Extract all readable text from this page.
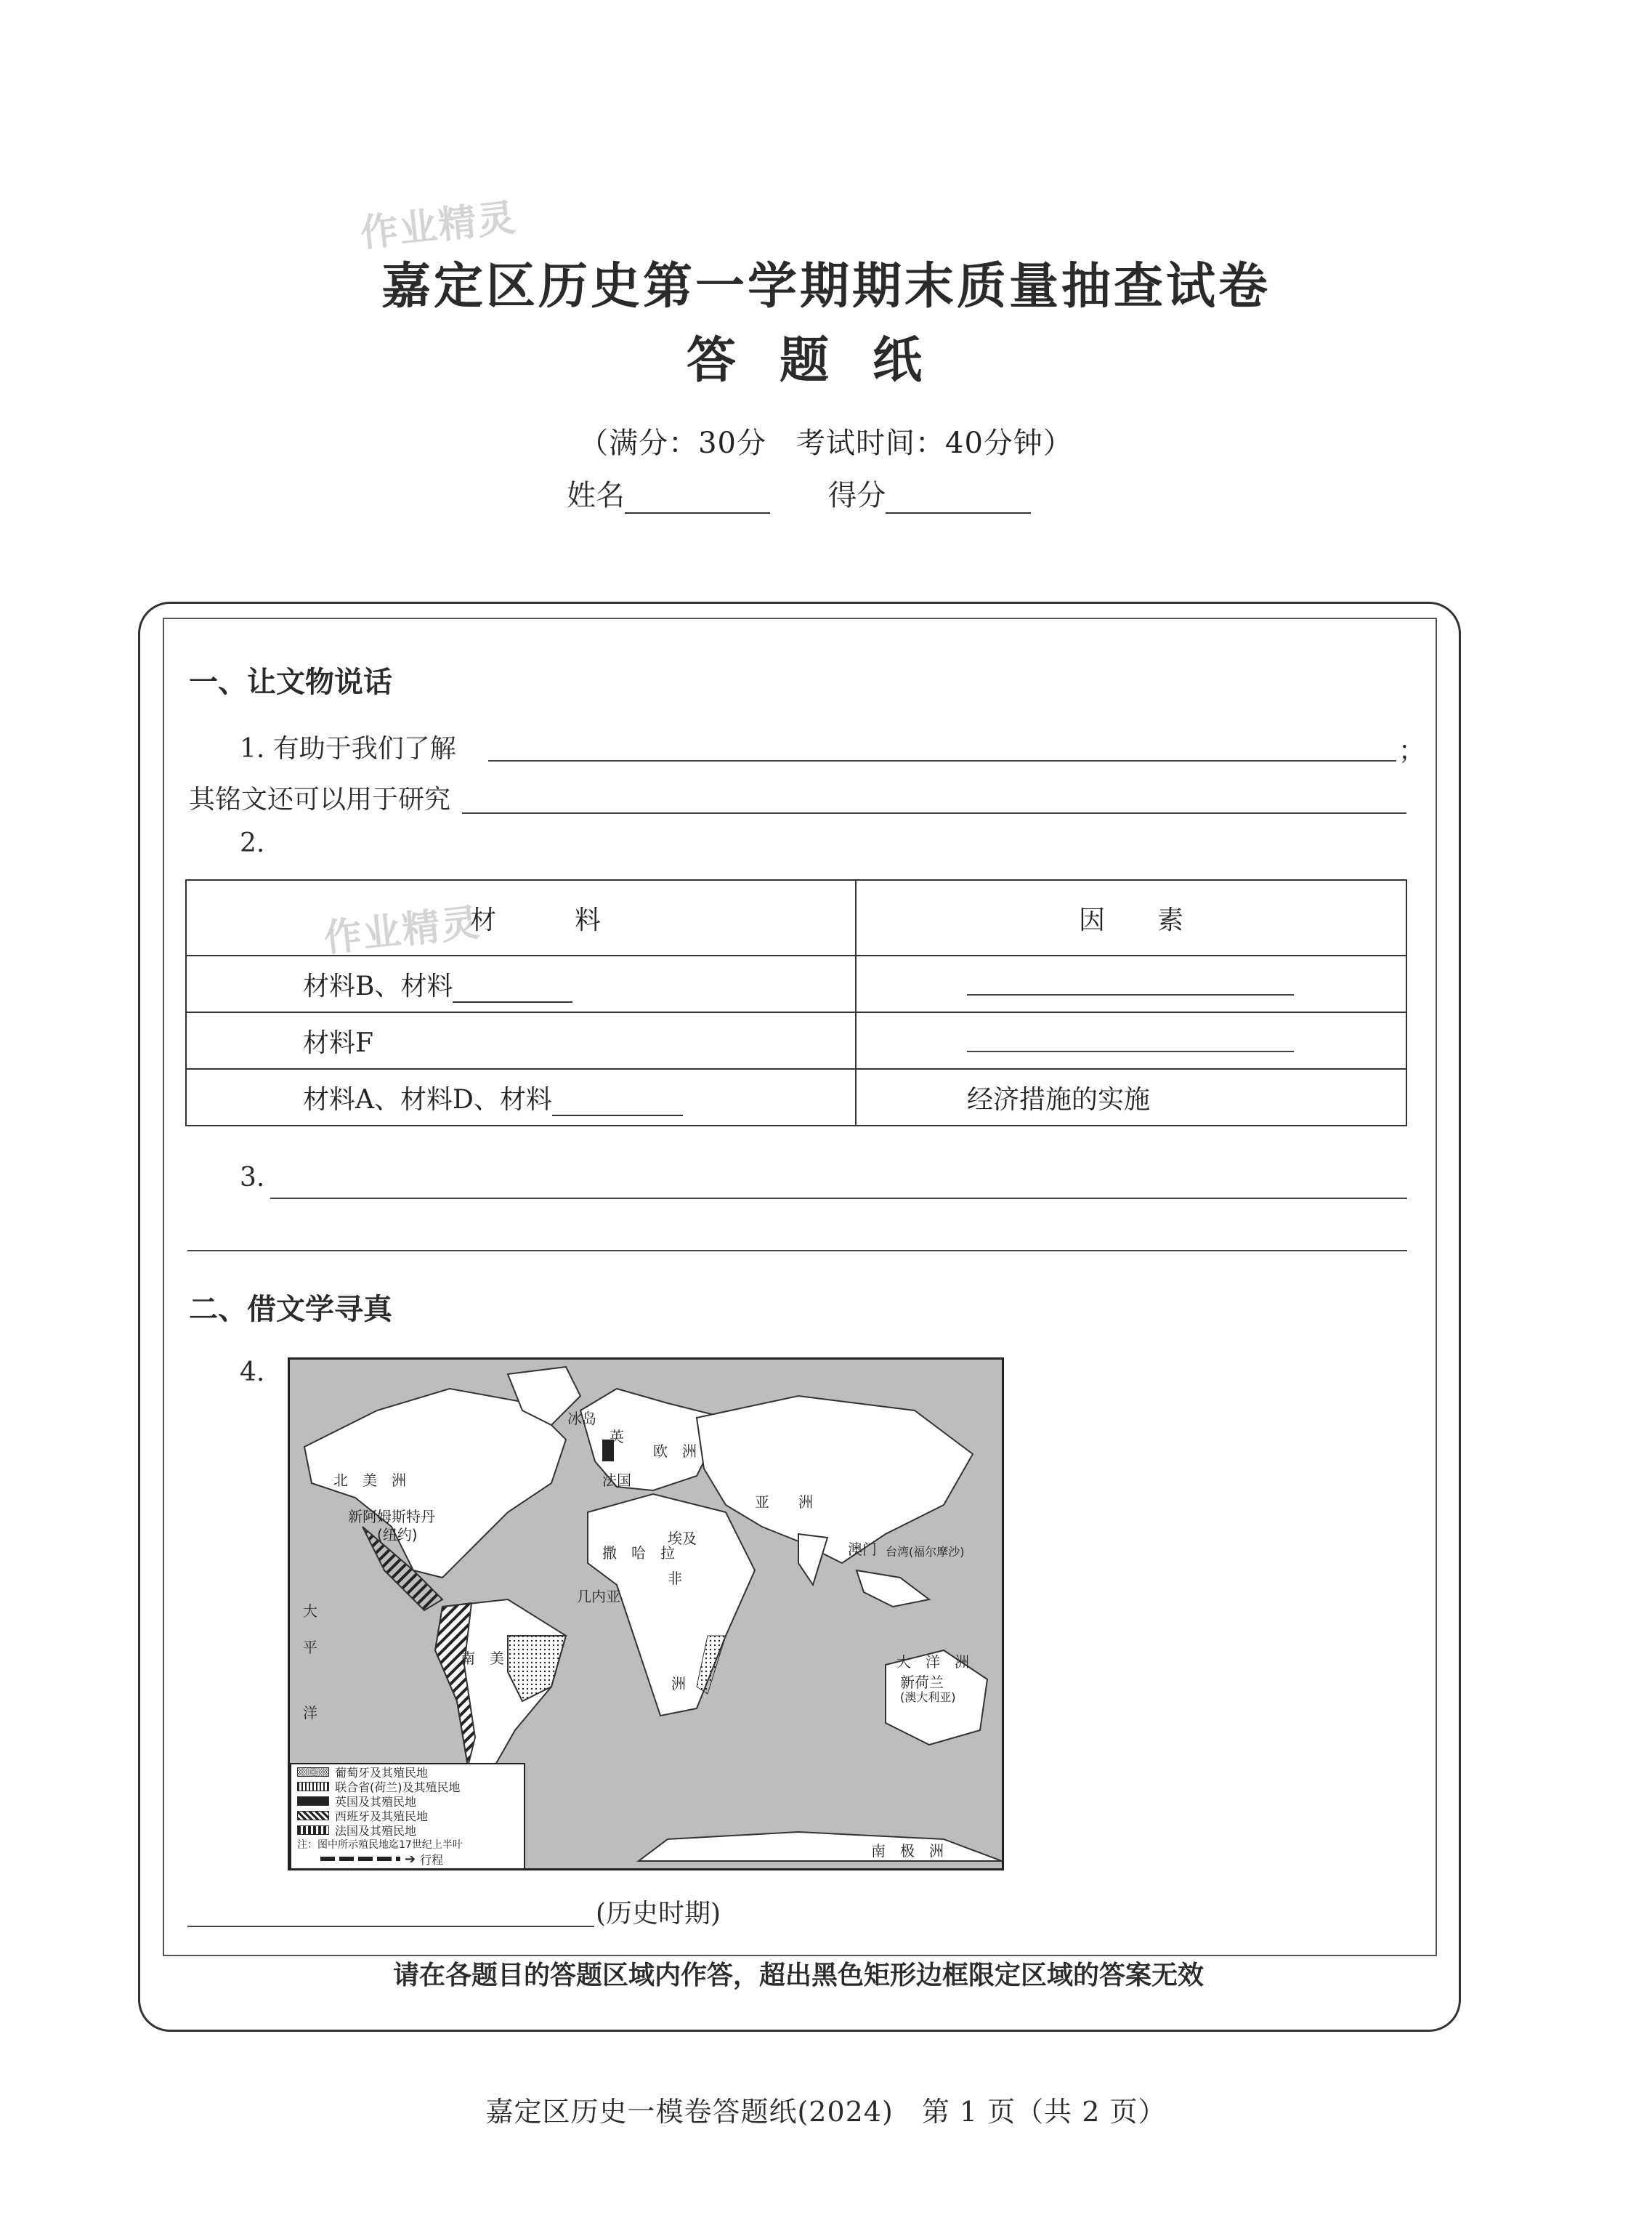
作业精灵
作业精灵
嘉定区历史第一学期期末质量抽查试卷
答题纸
（满分：30分　考试时间：40分钟）
姓名	得分
一、让文物说话
1. 有助于我们了解	；
其铭文还可以用于研究
2.
材　　　料	因　　素
材料B、材料	

材料F	

材料A、材料D、材料	经济措施的实施
3.
二、借文学寻真
4.
北　美　洲
新阿姆斯特丹
(纽约)
冰岛
英
法国
欧　洲
亚　　洲
埃及
撒　哈　拉
非
几内亚
洲
澳门 台湾(福尔摩沙)
大　洋　洲
新荷兰
(澳大利亚)
南　美
南　极　洲
大
平
洋
葡萄牙及其殖民地
联合省(荷兰)及其殖民地
英国及其殖民地
西班牙及其殖民地
法国及其殖民地
注：图中所示殖民地迄17世纪上半叶
➔ 行程
(历史时期)
请在各题目的答题区域内作答，超出黑色矩形边框限定区域的答案无效
嘉定区历史一模卷答题纸(2024)　第 1 页（共 2 页）
